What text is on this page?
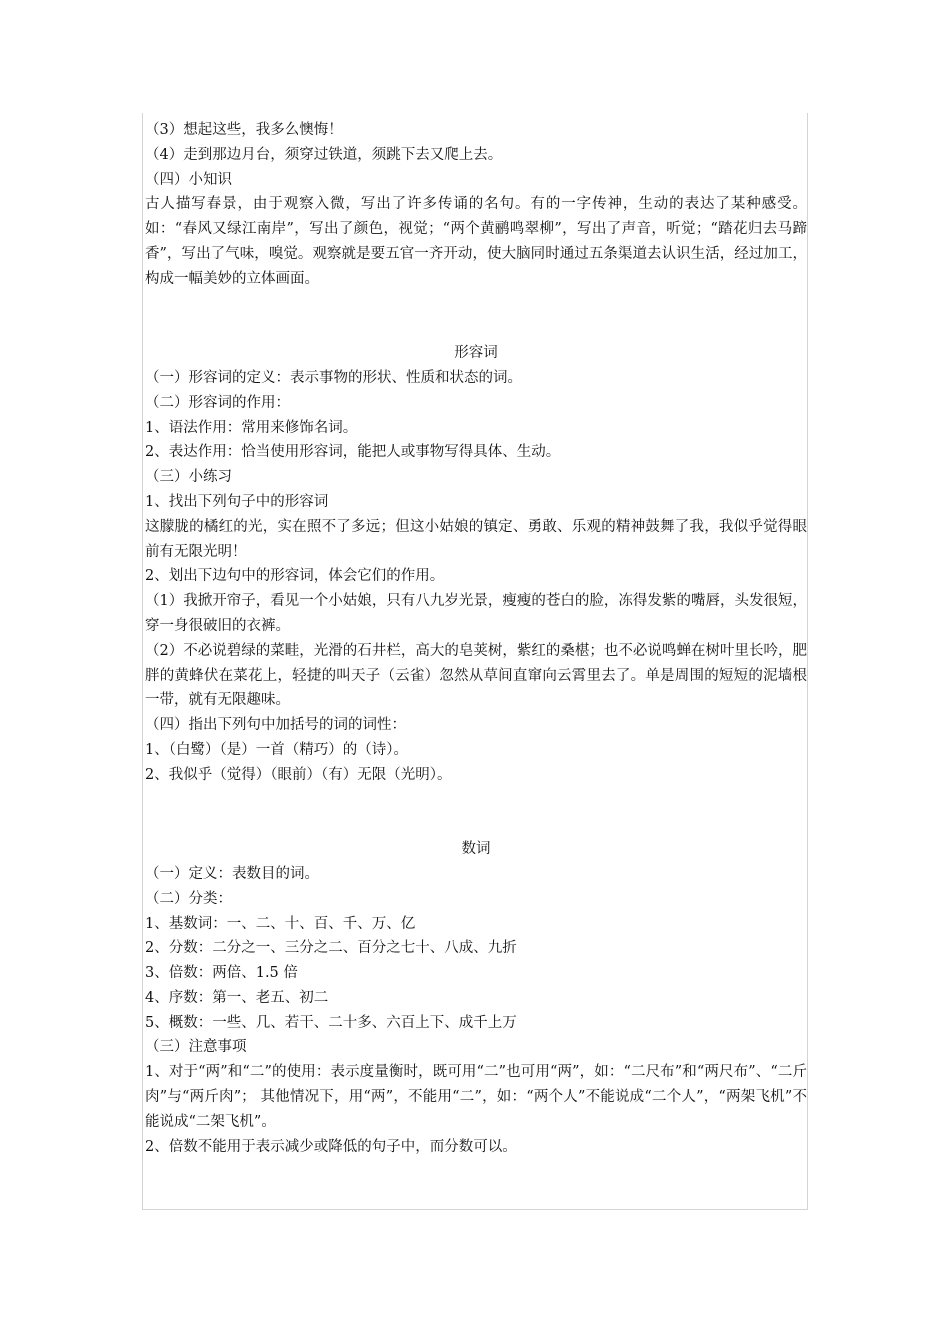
（3）想起这些，我多么懊悔！
（4）走到那边月台，须穿过铁道，须跳下去又爬上去。
（四）小知识
古人描写春景，由于观察入微，写出了许多传诵的名句。有的一字传神，生动的表达了某种感受。如：“春风又绿江南岸”，写出了颜色，视觉；“两个黄鹂鸣翠柳”，写出了声音，听觉；“踏花归去马蹄香”，写出了气味，嗅觉。观察就是要五官一齐开动，使大脑同时通过五条渠道去认识生活，经过加工，构成一幅美妙的立体画面。
形容词
（一）形容词的定义：表示事物的形状、性质和状态的词。
（二）形容词的作用：
1、语法作用：常用来修饰名词。
2、表达作用：恰当使用形容词，能把人或事物写得具体、生动。
（三）小练习
1、找出下列句子中的形容词
这朦胧的橘红的光，实在照不了多远；但这小姑娘的镇定、勇敢、乐观的精神鼓舞了我，我似乎觉得眼前有无限光明！
2、划出下边句中的形容词，体会它们的作用。
（1）我掀开帘子，看见一个小姑娘，只有八九岁光景，瘦瘦的苍白的脸，冻得发紫的嘴唇，头发很短，穿一身很破旧的衣裤。
（2）不必说碧绿的菜畦，光滑的石井栏，高大的皂荚树，紫红的桑椹；也不必说鸣蝉在树叶里长吟，肥胖的黄蜂伏在菜花上，轻捷的叫天子（云雀）忽然从草间直窜向云霄里去了。单是周围的短短的泥墙根一带，就有无限趣味。
（四）指出下列句中加括号的词的词性：
1、（白鹭）（是）一首（精巧）的（诗）。
2、我似乎（觉得）（眼前）（有）无限（光明）。
数词
（一）定义：表数目的词。
（二）分类：
1、基数词：一、二、十、百、千、万、亿
2、分数：二分之一、三分之二、百分之七十、八成、九折
3、倍数：两倍、1.5 倍
4、序数：第一、老五、初二
5、概数：一些、几、若干、二十多、六百上下、成千上万
（三）注意事项
1、对于“两”和“二”的使用：表示度量衡时，既可用“二”也可用“两”，如：“二尺布”和“两尺布”、“二斤肉”与“两斤肉”； 其他情况下，用“两”，不能用“二”，如：“两个人”不能说成“二个人”，“两架飞机”不能说成“二架飞机”。
2、倍数不能用于表示减少或降低的句子中，而分数可以。
